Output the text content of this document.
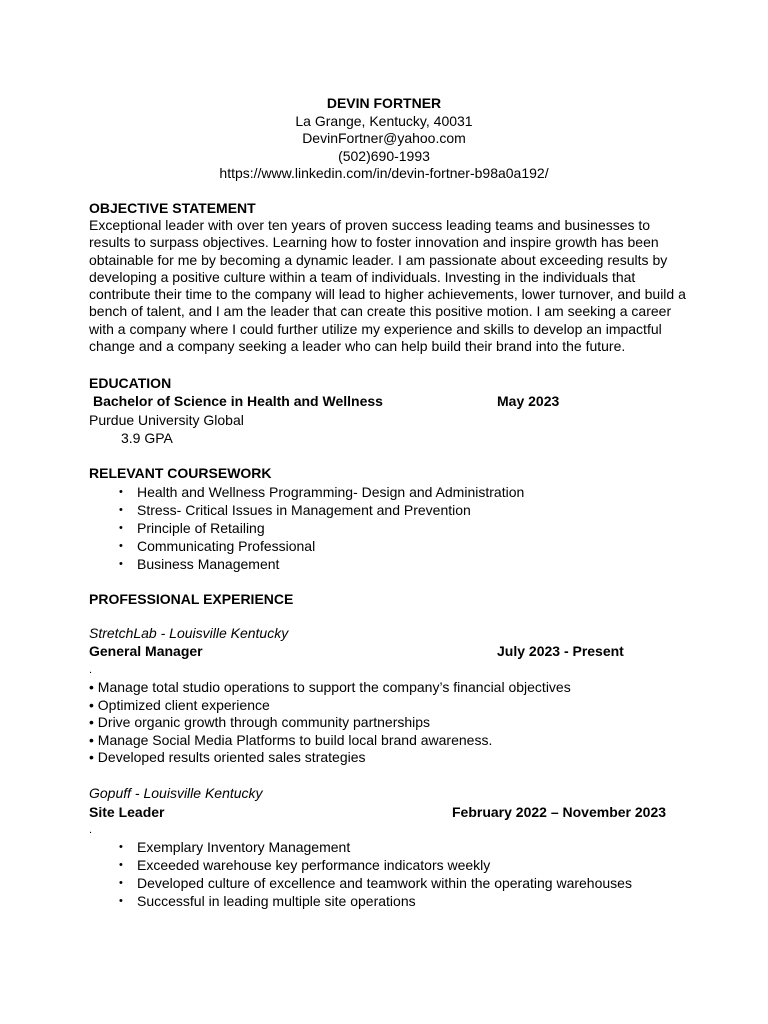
DEVIN FORTNER
La Grange, Kentucky, 40031
DevinFortner@yahoo.com
(502)690-1993
https://www.linkedin.com/in/devin-fortner-b98a0a192/
OBJECTIVE STATEMENT
Exceptional leader with over ten years of proven success leading teams and businesses to results to surpass objectives. Learning how to foster innovation and inspire growth has been obtainable for me by becoming a dynamic leader. I am passionate about exceeding results by developing a positive culture within a team of individuals. Investing in the individuals that contribute their time to the company will lead to higher achievements, lower turnover, and build a bench of talent, and I am the leader that can create this positive motion. I am seeking a career with a company where I could further utilize my experience and skills to develop an impactful change and a company seeking a leader who can help build their brand into the future.
EDUCATION
Bachelor of Science in Health and Wellness	May 2023
Purdue University Global
3.9 GPA
RELEVANT COURSEWORK
• Health and Wellness Programming- Design and Administration
• Stress- Critical Issues in Management and Prevention
• Principle of Retailing
• Communicating Professional
• Business Management
PROFESSIONAL EXPERIENCE
StretchLab - Louisville Kentucky
General Manager	July 2023 - Present
.
• Manage total studio operations to support the company’s financial objectives
• Optimized client experience
• Drive organic growth through community partnerships
• Manage Social Media Platforms to build local brand awareness.
• Developed results oriented sales strategies
Gopuff - Louisville Kentucky
Site Leader	February 2022 – November 2023
.
• Exemplary Inventory Management
• Exceeded warehouse key performance indicators weekly
• Developed culture of excellence and teamwork within the operating warehouses
• Successful in leading multiple site operations
